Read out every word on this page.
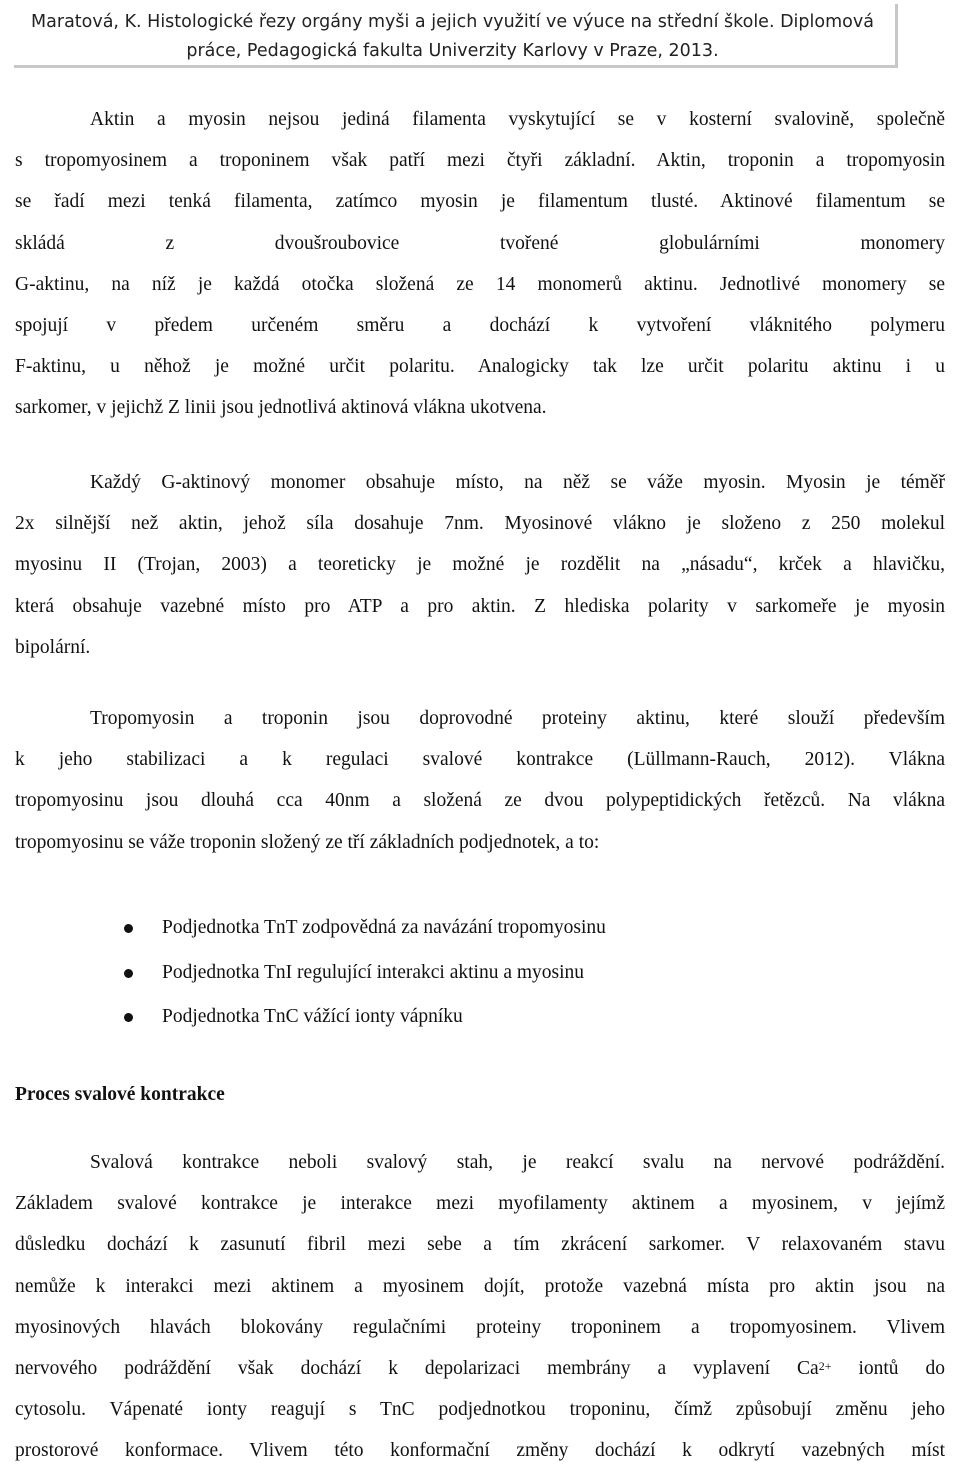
Maratová, K. Histologické řezy orgány myši a jejich využití ve výuce na střední škole. Diplomová
práce, Pedagogická fakulta Univerzity Karlovy v Praze, 2013.
Aktin a myosin nejsou jediná filamenta vyskytující se v kosterní svalovině, společně
s tropomyosinem a troponinem však patří mezi čtyři základní. Aktin, troponin a tropomyosin
se řadí mezi tenká filamenta, zatímco myosin je filamentum tlusté. Aktinové filamentum se
skládá z dvoušroubovice tvořené globulárními monomery
G-aktinu, na níž je každá otočka složená ze 14 monomerů aktinu. Jednotlivé monomery se
spojují v předem určeném směru a dochází k vytvoření vláknitého polymeru
F-aktinu, u něhož je možné určit polaritu. Analogicky tak lze určit polaritu aktinu i u
sarkomer, v jejichž Z linii jsou jednotlivá aktinová vlákna ukotvena.
Každý G-aktinový monomer obsahuje místo, na něž se váže myosin. Myosin je téměř
2x silnější než aktin, jehož síla dosahuje 7nm. Myosinové vlákno je složeno z 250 molekul
myosinu II (Trojan, 2003) a teoreticky je možné je rozdělit na „násadu“, krček a hlavičku,
která obsahuje vazebné místo pro ATP a pro aktin. Z hlediska polarity v sarkomeře je myosin
bipolární.
Tropomyosin a troponin jsou doprovodné proteiny aktinu, které slouží především
k jeho stabilizaci a k regulaci svalové kontrakce (Lüllmann-Rauch, 2012). Vlákna
tropomyosinu jsou dlouhá cca 40nm a složená ze dvou polypeptidických řetězců. Na vlákna
tropomyosinu se váže troponin složený ze tří základních podjednotek, a to:
Podjednotka TnT zodpovědná za navázání tropomyosinu
Podjednotka TnI regulující interakci aktinu a myosinu
Podjednotka TnC vážící ionty vápníku
Proces svalové kontrakce
Svalová kontrakce neboli svalový stah, je reakcí svalu na nervové podráždění.
Základem svalové kontrakce je interakce mezi myofilamenty aktinem a myosinem, v jejímž
důsledku dochází k zasunutí fibril mezi sebe a tím zkrácení sarkomer. V relaxovaném stavu
nemůže k interakci mezi aktinem a myosinem dojít, protože vazebná místa pro aktin jsou na
myosinových hlavách blokovány regulačními proteiny troponinem a tropomyosinem. Vlivem
nervového podráždění však dochází k depolarizaci membrány a vyplavení $Ca^{2+}$ iontů do
cytosolu. Vápenaté ionty reagují s TnC podjednotkou troponinu, čímž způsobují změnu jeho
prostorové konformace. Vlivem této konformační změny dochází k odkrytí vazebných míst
